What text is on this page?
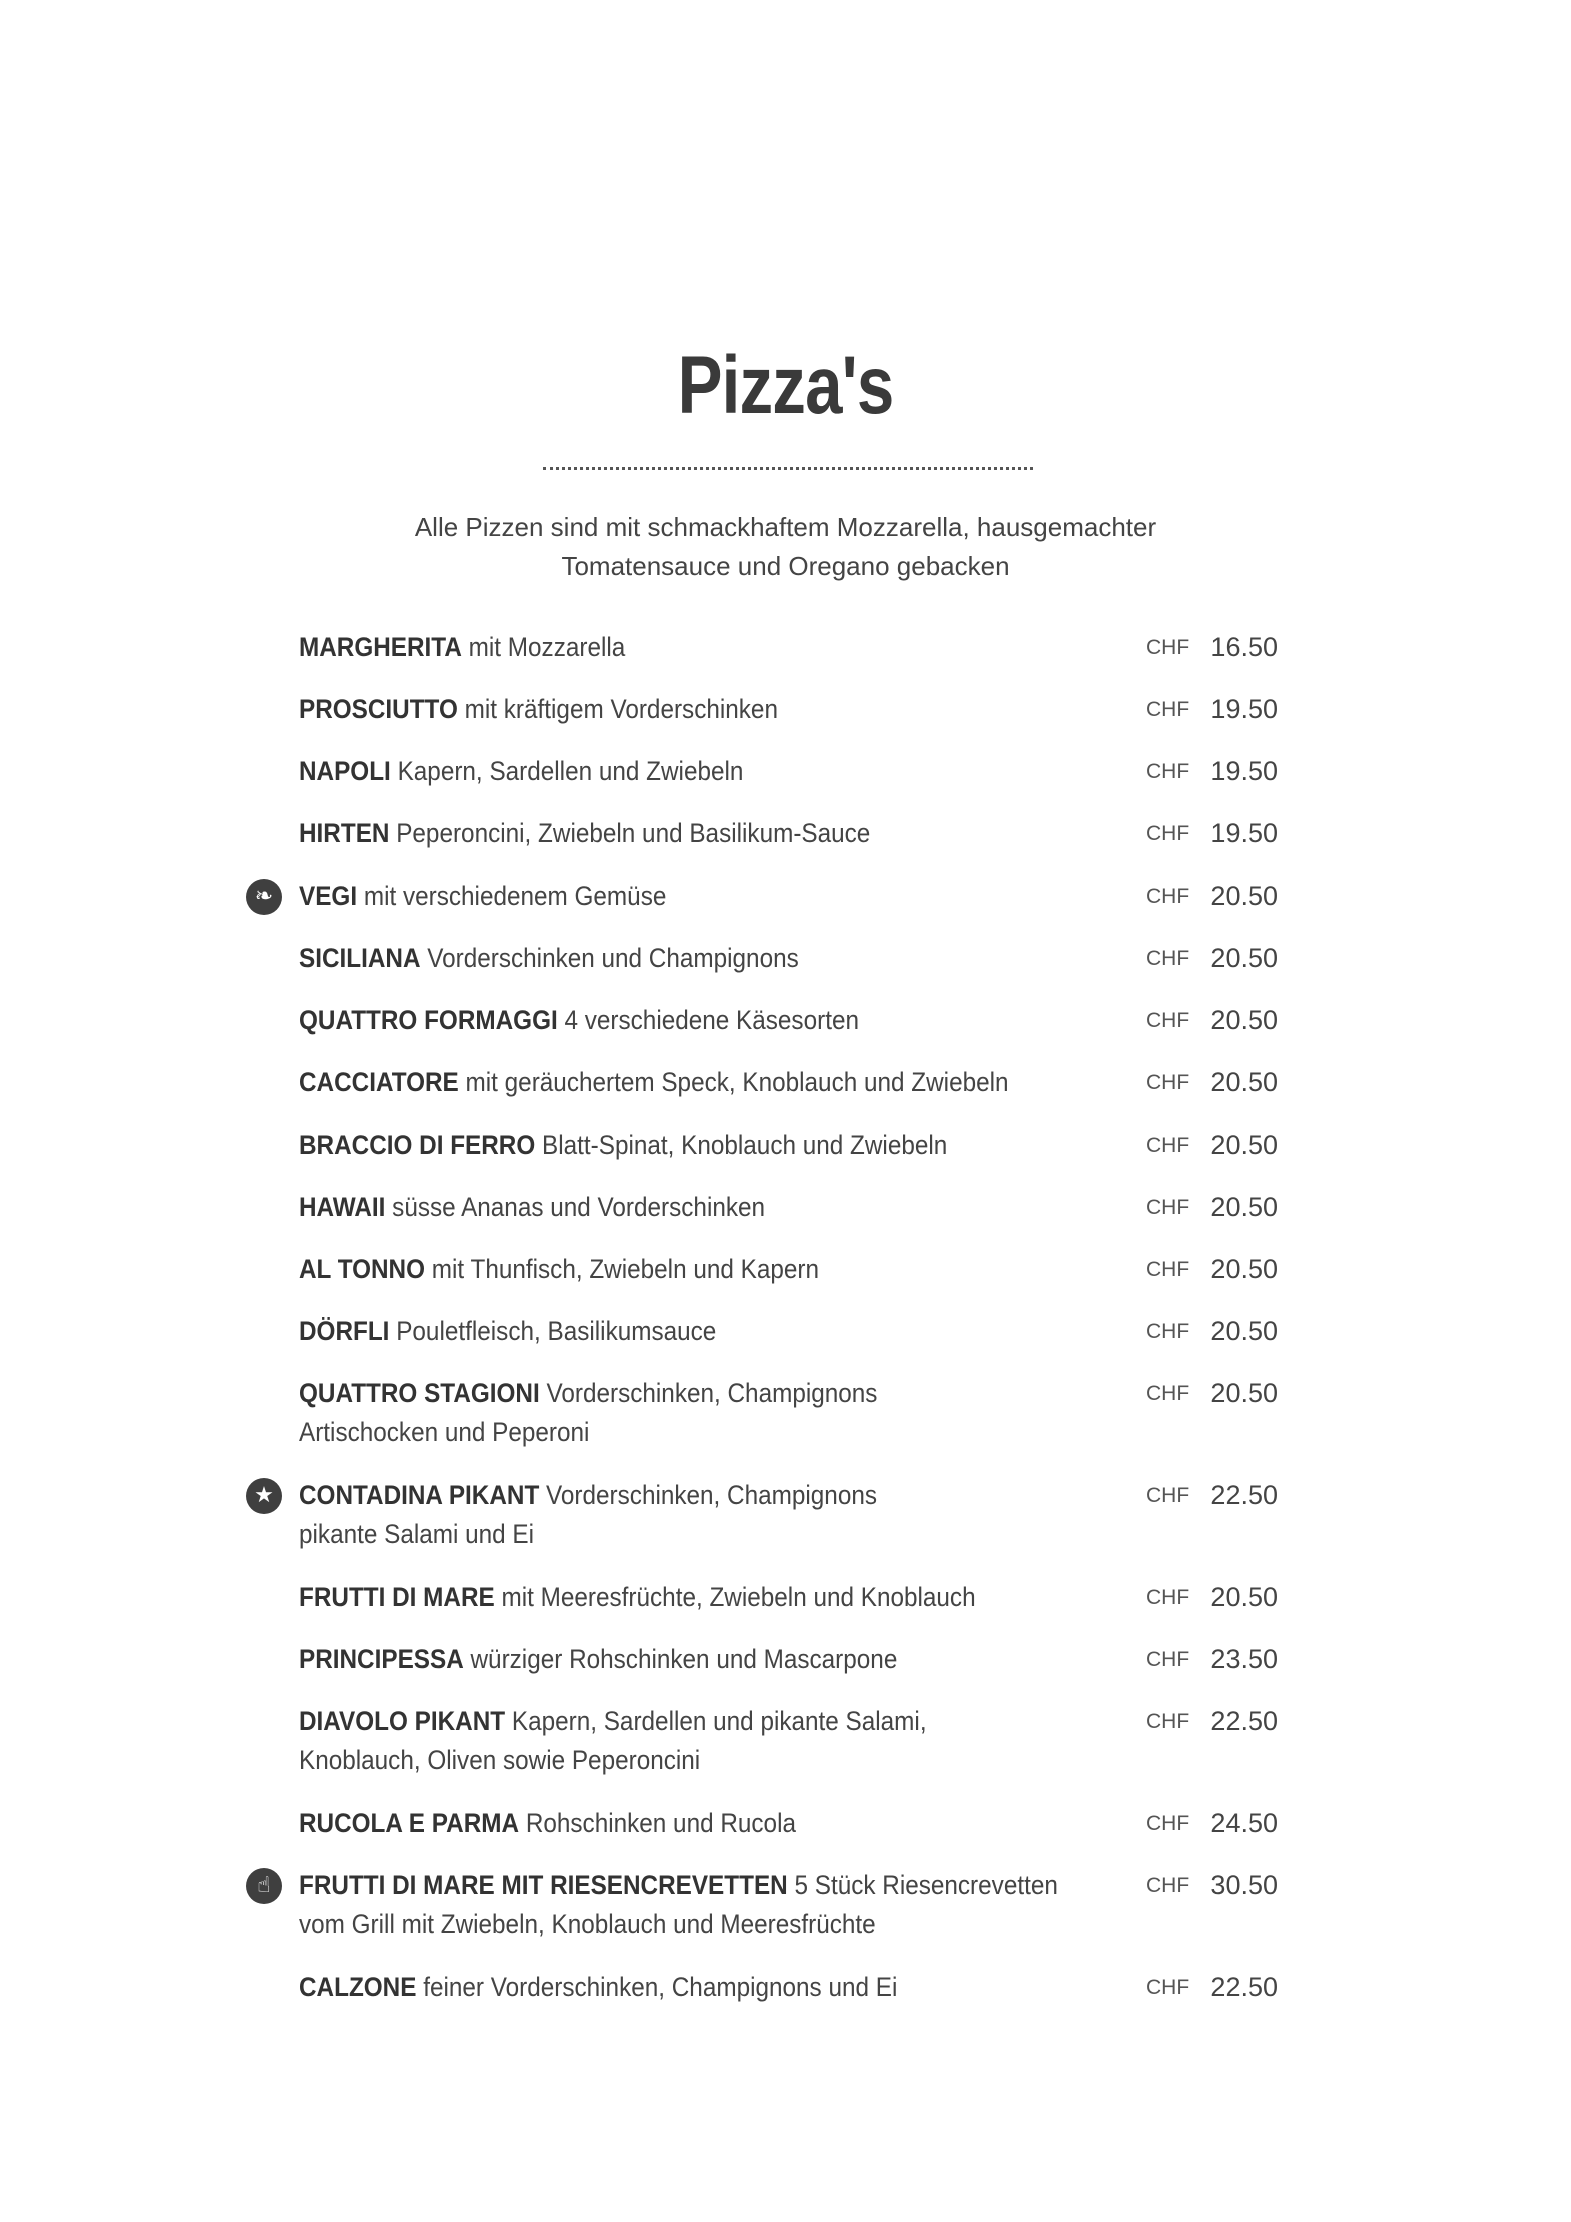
Pizza's
Alle Pizzen sind mit schmackhaftem Mozzarella, hausgemachter
Tomatensauce und Oregano gebacken
MARGHERITA mit Mozzarella	CHF 16.50
PROSCIUTTO mit kräftigem Vorderschinken	CHF 19.50
NAPOLI Kapern, Sardellen und Zwiebeln	CHF 19.50
HIRTEN Peperoncini, Zwiebeln und Basilikum-Sauce	CHF 19.50
❧ VEGI mit verschiedenem Gemüse	CHF 20.50
SICILIANA Vorderschinken und Champignons	CHF 20.50
QUATTRO FORMAGGI 4 verschiedene Käsesorten	CHF 20.50
CACCIATORE mit geräuchertem Speck, Knoblauch und Zwiebeln	CHF 20.50
BRACCIO DI FERRO Blatt-Spinat, Knoblauch und Zwiebeln	CHF 20.50
HAWAII süsse Ananas und Vorderschinken	CHF 20.50
AL TONNO mit Thunfisch, Zwiebeln und Kapern	CHF 20.50
DÖRFLI Pouletfleisch, Basilikumsauce	CHF 20.50
QUATTRO STAGIONI Vorderschinken, Champignons
Artischocken und Peperoni
CHF 20.50
★ CONTADINA PIKANT Vorderschinken, Champignons
pikante Salami und Ei
CHF 22.50
FRUTTI DI MARE mit Meeresfrüchte, Zwiebeln und Knoblauch	CHF 20.50
PRINCIPESSA würziger Rohschinken und Mascarpone	CHF 23.50
DIAVOLO PIKANT Kapern, Sardellen und pikante Salami,
Knoblauch, Oliven sowie Peperoncini
CHF 22.50
RUCOLA E PARMA Rohschinken und Rucola	CHF 24.50
☝	FRUTTI DI MARE MIT RIESENCREVETTEN 5 Stück Riesencrevetten
vom Grill mit Zwiebeln, Knoblauch und Meeresfrüchte
CHF 30.50
CALZONE feiner Vorderschinken, Champignons und Ei	CHF 22.50
